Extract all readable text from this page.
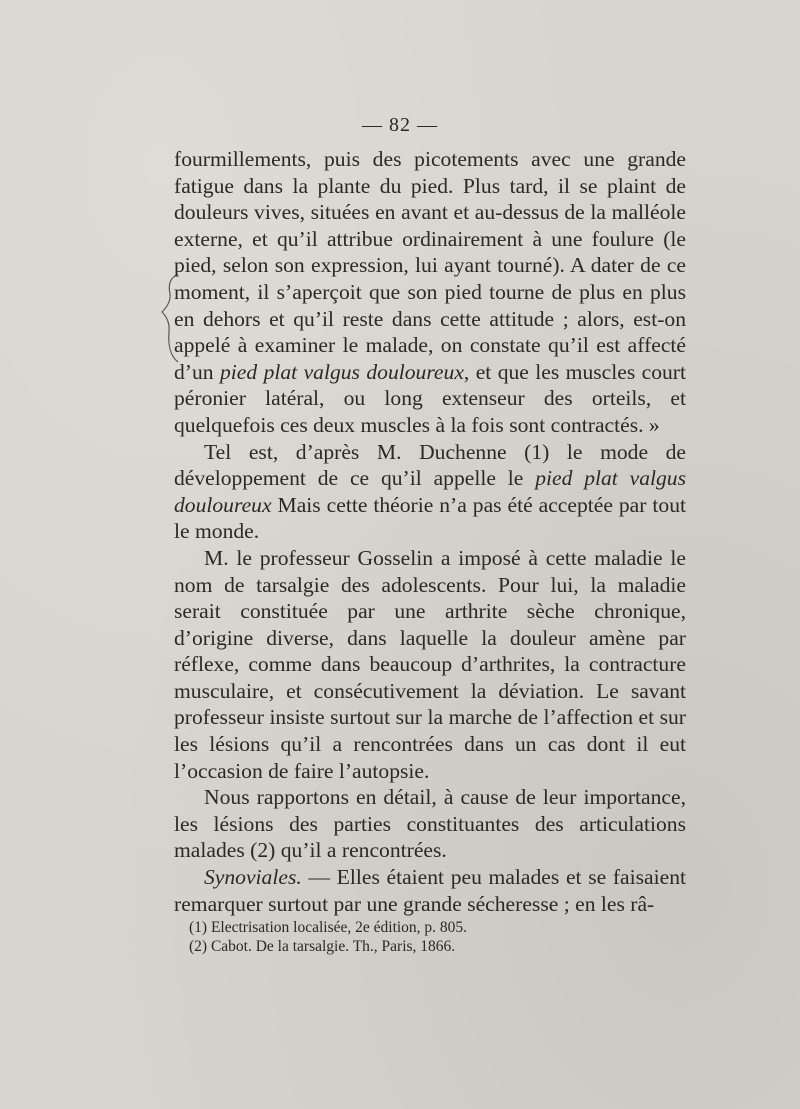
— 82 —

fourmillements, puis des picotements avec une grande fatigue dans la plante du pied. Plus tard, il se plaint de douleurs vives, situées en avant et au-dessus de la malléole externe, et qu’il attribue ordinairement à une foulure (le pied, selon son expression, lui ayant tourné). A dater de ce moment, il s’aperçoit que son pied tourne de plus en plus en dehors et qu’il reste dans cette attitude ; alors, est-on appelé à examiner le malade, on constate qu’il est affecté d’un pied plat valgus douloureux, et que les muscles court péronier latéral, ou long extenseur des orteils, et quelquefois ces deux muscles à la fois sont contractés. »

Tel est, d’après M. Duchenne (1) le mode de développement de ce qu’il appelle le pied plat valgus douloureux Mais cette théorie n’a pas été acceptée par tout le monde.

M. le professeur Gosselin a imposé à cette maladie le nom de tarsalgie des adolescents. Pour lui, la maladie serait constituée par une arthrite sèche chronique, d’origine diverse, dans laquelle la douleur amène par réflexe, comme dans beaucoup d’arthrites, la contracture musculaire, et consécutivement la déviation. Le savant professeur insiste surtout sur la marche de l’affection et sur les lésions qu’il a rencontrées dans un cas dont il eut l’occasion de faire l’autopsie.

Nous rapportons en détail, à cause de leur importance, les lésions des parties constituantes des articulations malades (2) qu’il a rencontrées.

Synoviales. — Elles étaient peu malades et se faisaient remarquer surtout par une grande sécheresse ; en les râ-

(1) Electrisation localisée, 2e édition, p. 805.
(2) Cabot. De la tarsalgie. Th., Paris, 1866.
